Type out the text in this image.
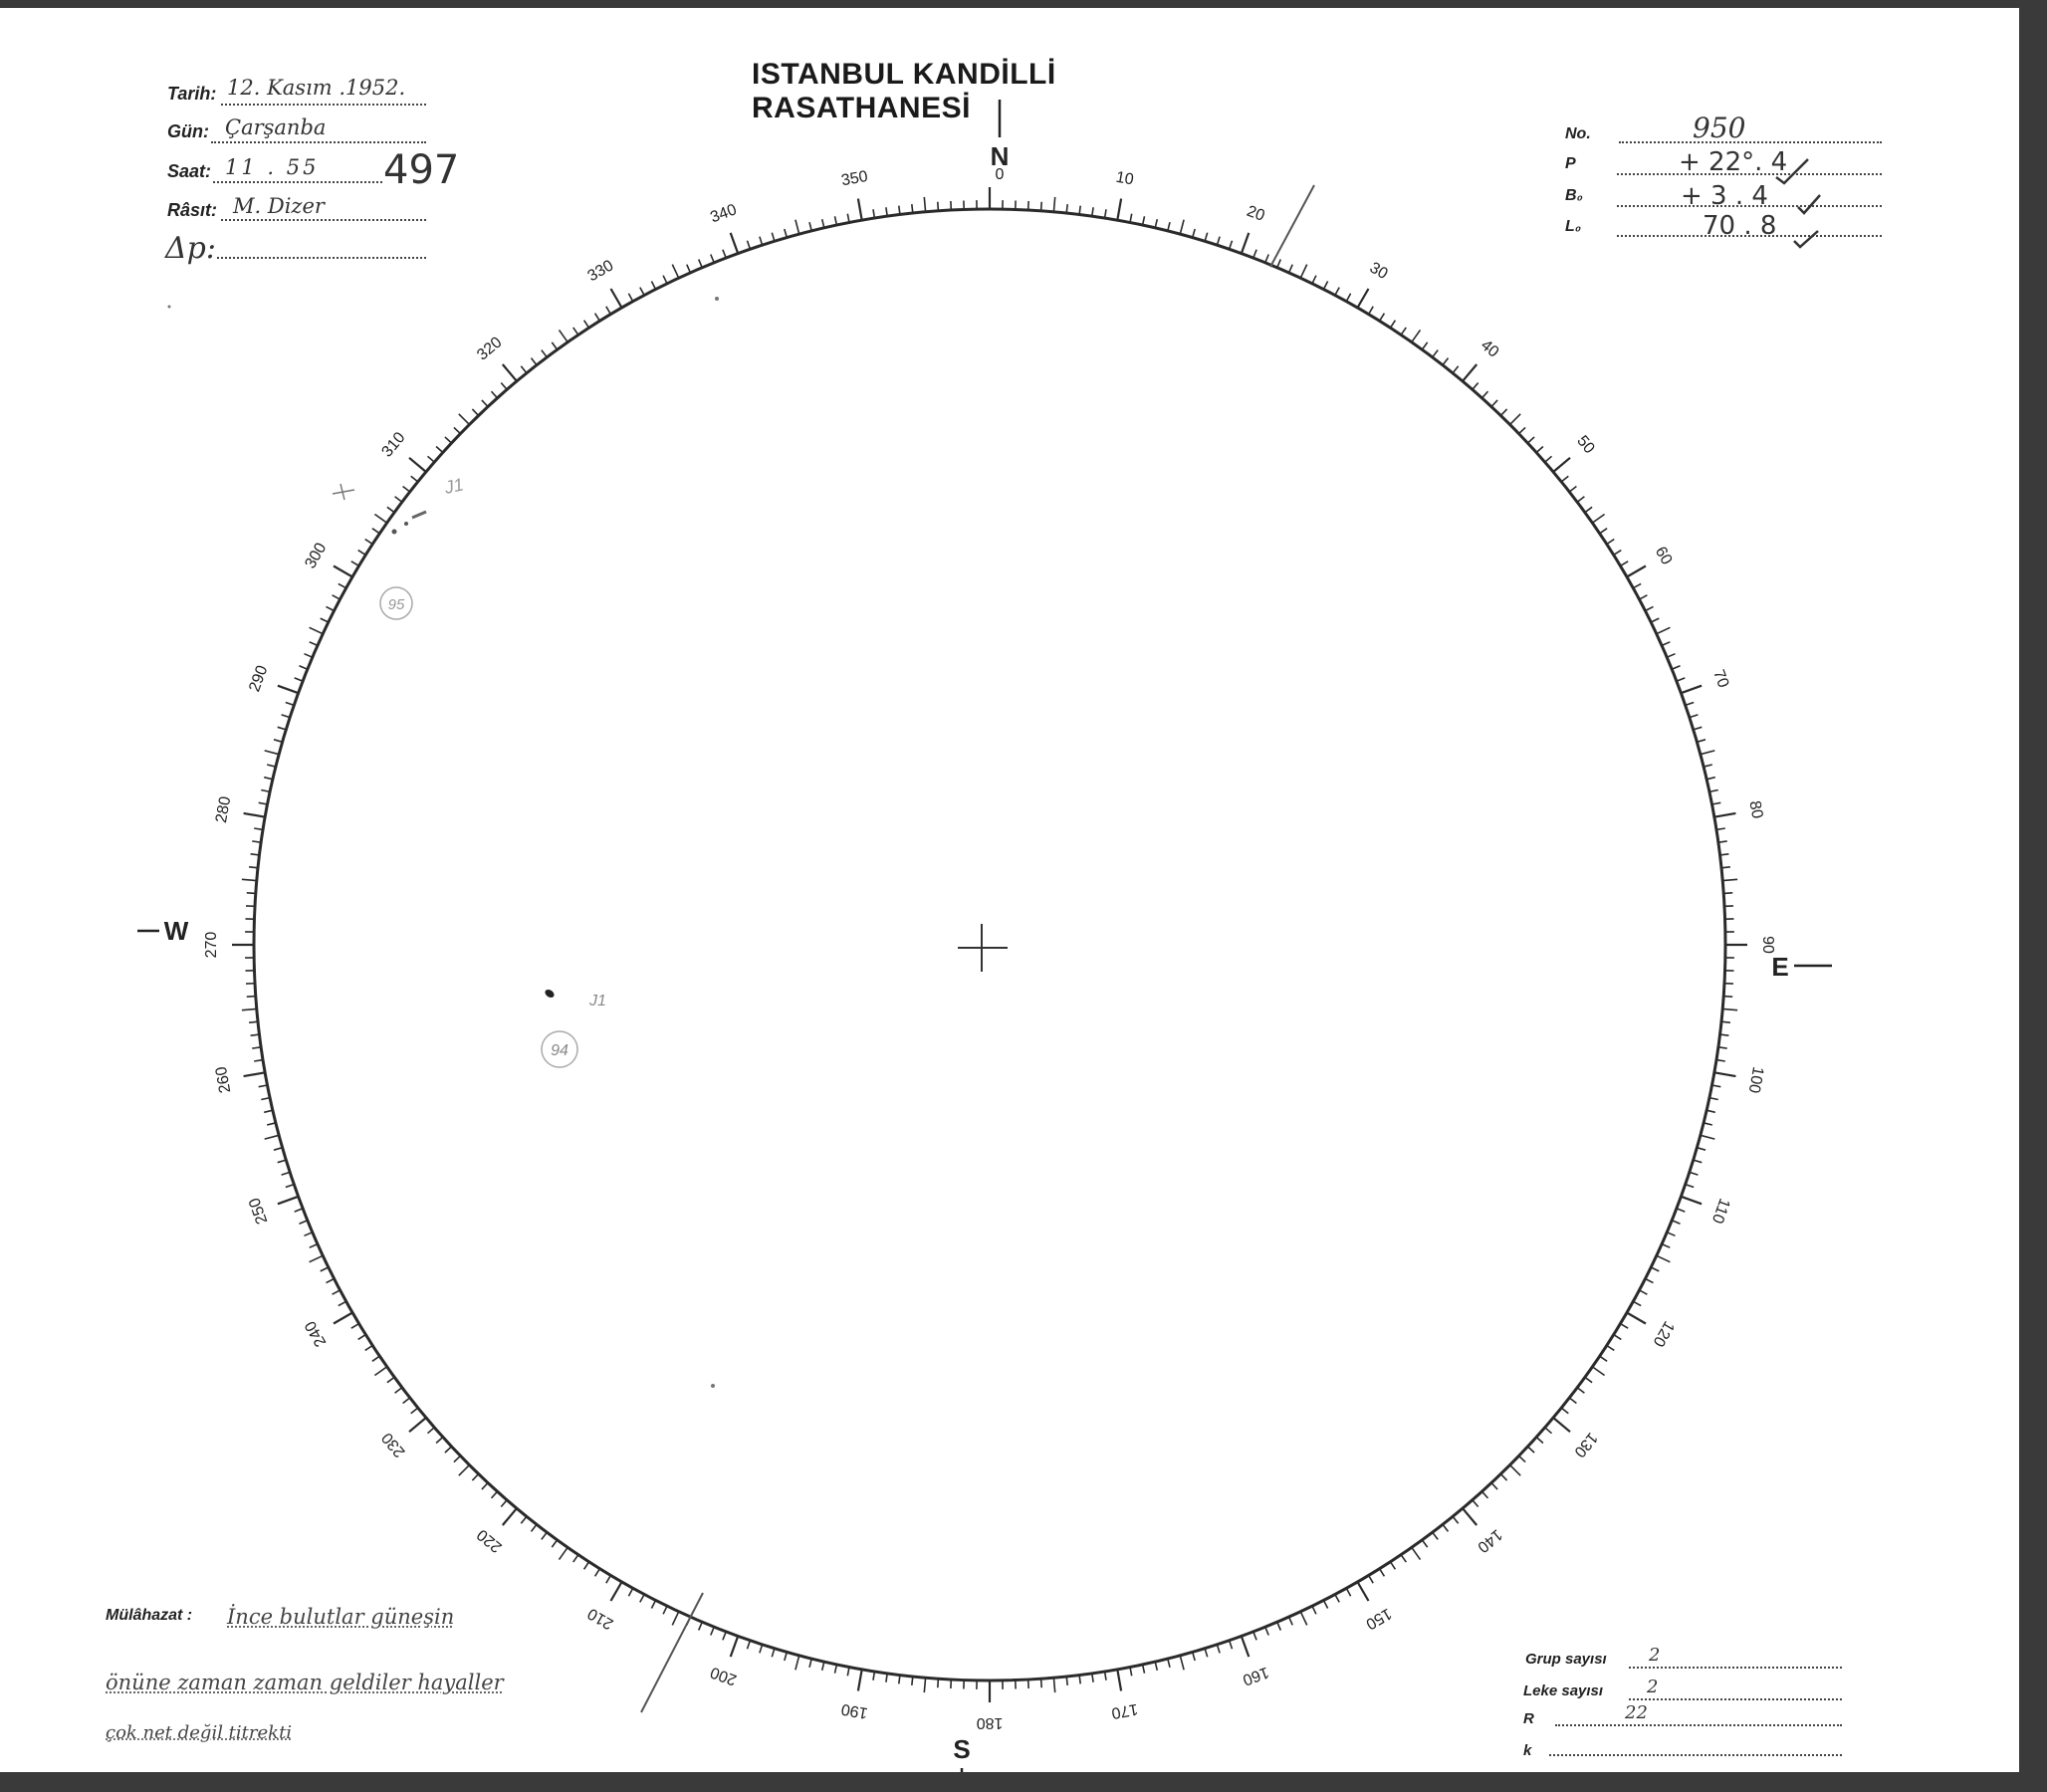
ISTANBUL KANDİLLİ RASATHANESİ
Tarih: 12. Kasım .1952.
Gün: Çarşanba
Saat: 11 . 55 497
Râsıt: M. Dizer
Δp:
No.	950
P	+ 22°. 4
B₀	+ 3 . 4
L₀	70 . 8
0	10
20
30
40
50
60
70
80
90
100
110
120
130
140
150
160
170
180
190
200
210
220
230
240
250
260
270
280
290
300
310
320
330
340
350
N
S
W
E
95
J1
J1
94
Mülâhazat : İnce bulutlar güneşin
önüne zaman zaman geldiler hayaller
çok net değil titrekti
Grup sayısı 2
Leke sayısı 2
R	22
k
